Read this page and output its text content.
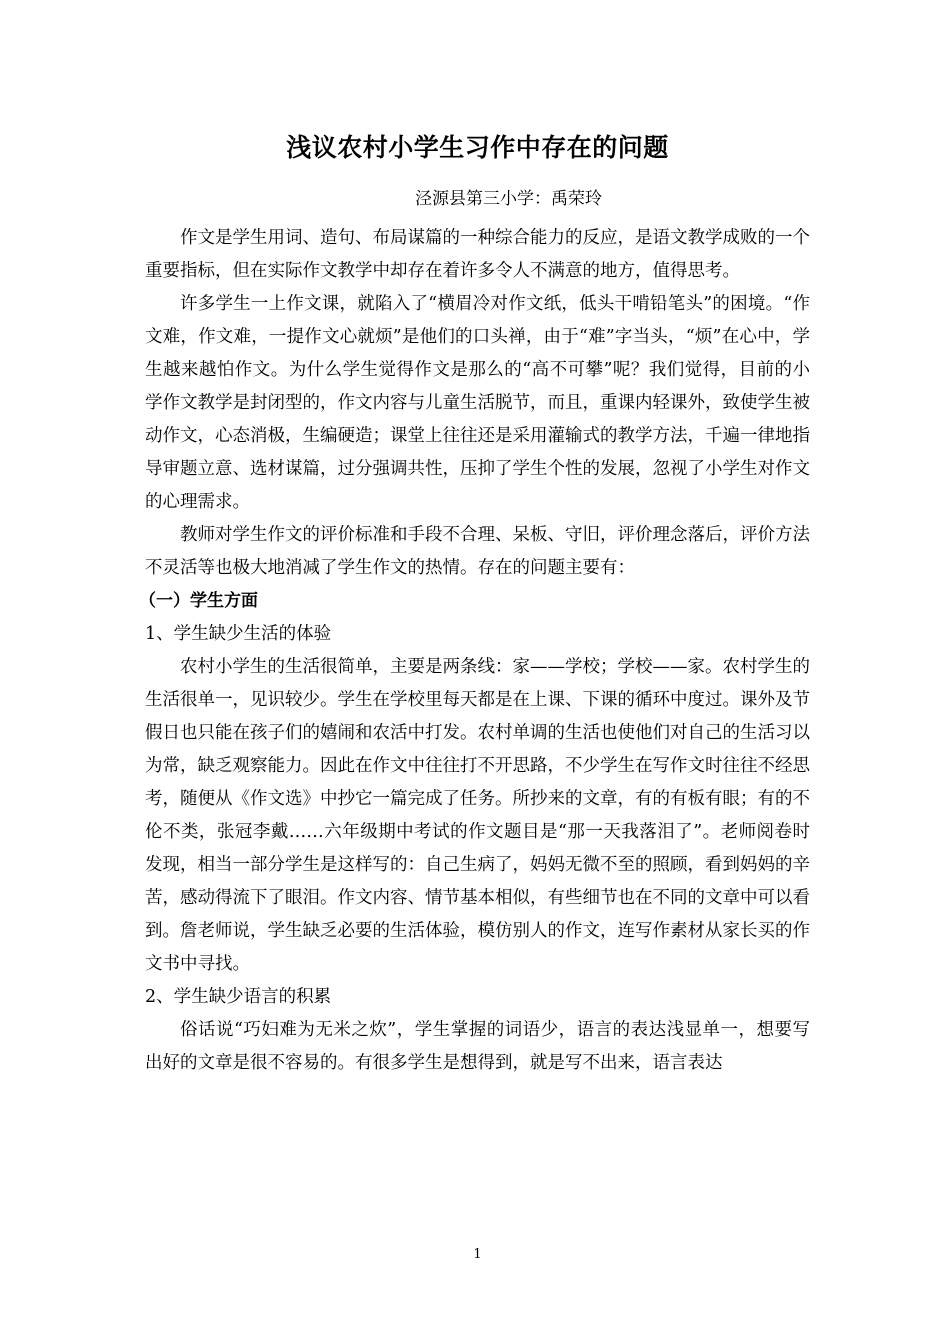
浅议农村小学生习作中存在的问题

泾源县第三小学：禹荣玲

作文是学生用词、造句、布局谋篇的一种综合能力的反应，是语文教学成败的一个重要指标，但在实际作文教学中却存在着许多令人不满意的地方，值得思考。

许多学生一上作文课，就陷入了“横眉冷对作文纸，低头干啃铅笔头”的困境。“作文难，作文难，一提作文心就烦”是他们的口头禅，由于“难”字当头，“烦”在心中，学生越来越怕作文。为什么学生觉得作文是那么的“高不可攀”呢？我们觉得，目前的小学作文教学是封闭型的，作文内容与儿童生活脱节，而且，重课内轻课外，致使学生被动作文，心态消极，生编硬造；课堂上往往还是采用灌输式的教学方法，千遍一律地指导审题立意、选材谋篇，过分强调共性，压抑了学生个性的发展，忽视了小学生对作文的心理需求。

教师对学生作文的评价标准和手段不合理、呆板、守旧，评价理念落后，评价方法不灵活等也极大地消减了学生作文的热情。存在的问题主要有：

（一）学生方面

1、学生缺少生活的体验

农村小学生的生活很简单，主要是两条线：家——学校；学校——家。农村学生的生活很单一，见识较少。学生在学校里每天都是在上课、下课的循环中度过。课外及节假日也只能在孩子们的嬉闹和农活中打发。农村单调的生活也使他们对自己的生活习以为常，缺乏观察能力。因此在作文中往往打不开思路，不少学生在写作文时往往不经思考，随便从《作文选》中抄它一篇完成了任务。所抄来的文章，有的有板有眼；有的不伦不类，张冠李戴……六年级期中考试的作文题目是“那一天我落泪了”。老师阅卷时发现，相当一部分学生是这样写的：自己生病了，妈妈无微不至的照顾，看到妈妈的辛苦，感动得流下了眼泪。作文内容、情节基本相似，有些细节也在不同的文章中可以看到。詹老师说，学生缺乏必要的生活体验，模仿别人的作文，连写作素材从家长买的作文书中寻找。

2、学生缺少语言的积累

俗话说“巧妇难为无米之炊”，学生掌握的词语少，语言的表达浅显单一，想要写出好的文章是很不容易的。有很多学生是想得到，就是写不出来，语言表达

1
